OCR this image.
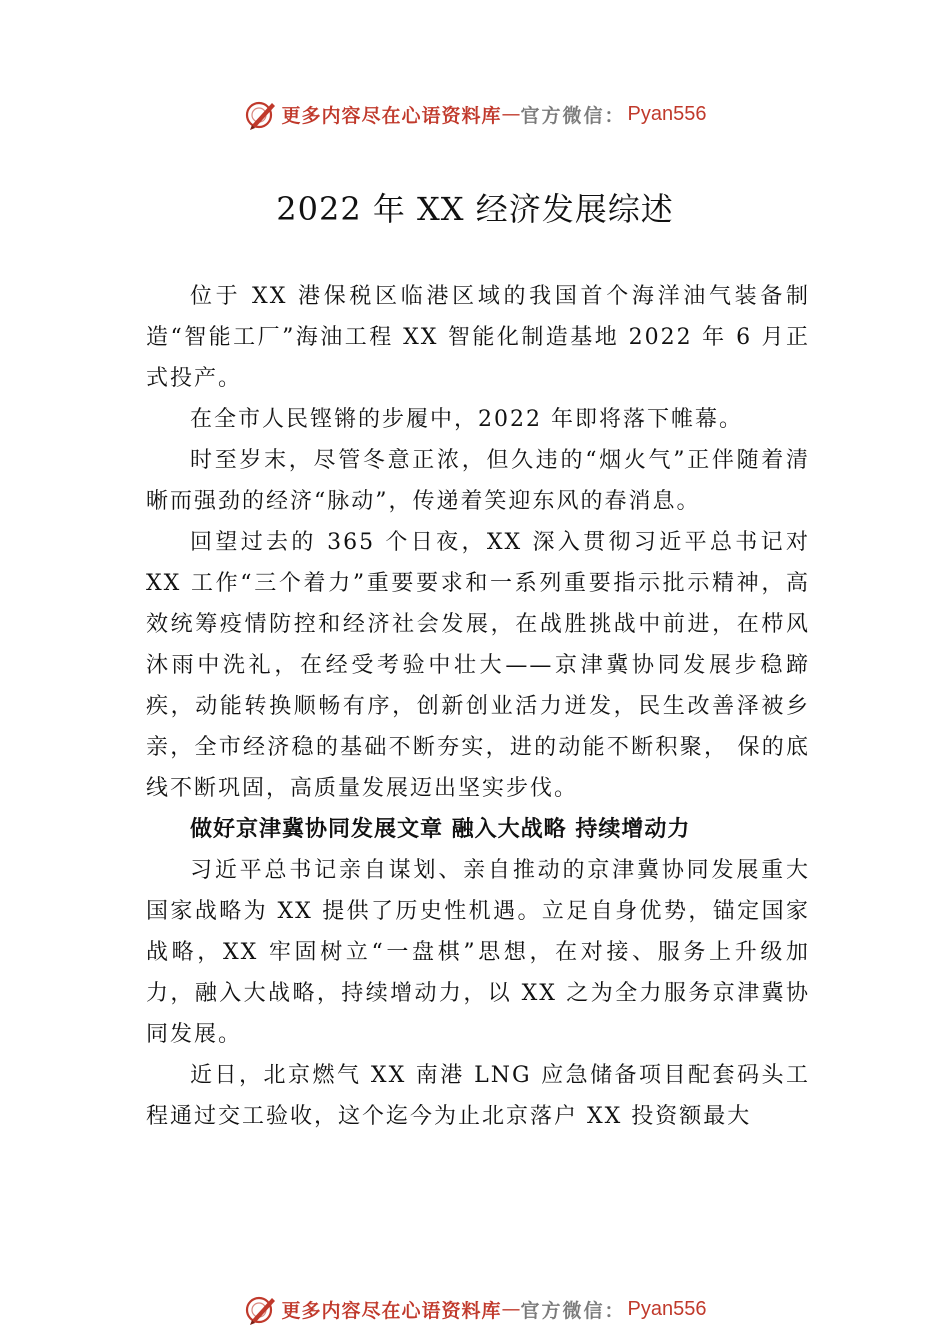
更多内容尽在心语资料库 — 官方微信： Pyan556
2022 年 XX 经济发展综述

位于 XX 港保税区临港区域的我国首个海洋油气装备制造“智能工厂”海油工程 XX 智能化制造基地 2022 年 6 月正式投产。

在全市人民铿锵的步履中，2022 年即将落下帷幕。

时至岁末，尽管冬意正浓，但久违的“烟火气”正伴随着清晰而强劲的经济“脉动”，传递着笑迎东风的春消息。

回望过去的 365 个日夜，XX 深入贯彻习近平总书记对 XX 工作“三个着力”重要要求和一系列重要指示批示精神，高效统筹疫情防控和经济社会发展，在战胜挑战中前进，在栉风沐雨中洗礼，在经受考验中壮大——京津冀协同发展步稳蹄疾，动能转换顺畅有序，创新创业活力迸发，民生改善泽被乡亲，全市经济稳的基础不断夯实，进的动能不断积聚， 保的底线不断巩固，高质量发展迈出坚实步伐。

做好京津冀协同发展文章 融入大战略 持续增动力

习近平总书记亲自谋划、亲自推动的京津冀协同发展重大国家战略为 XX 提供了历史性机遇。立足自身优势，锚定国家战略，XX 牢固树立“一盘棋”思想，在对接、服务上升级加力，融入大战略，持续增动力，以 XX 之为全力服务京津冀协同发展。

近日，北京燃气 XX 南港 LNG 应急储备项目配套码头工程通过交工验收，这个迄今为止北京落户 XX 投资额最大

更多内容尽在心语资料库 — 官方微信： Pyan556
